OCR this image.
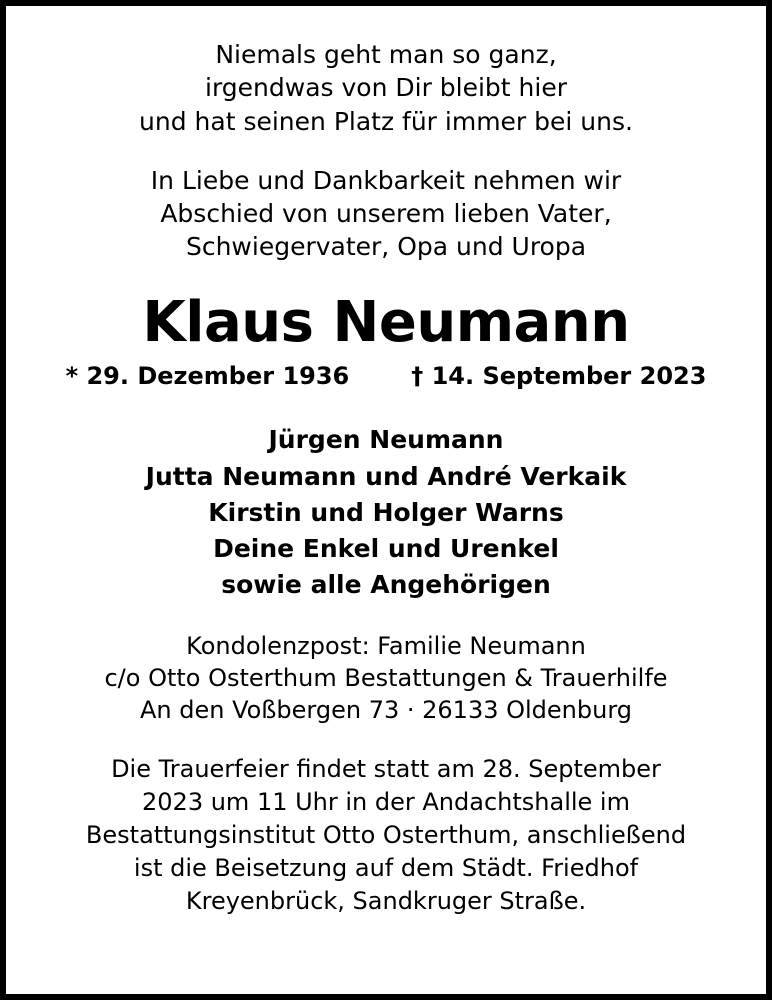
Niemals geht man so ganz,
irgendwas von Dir bleibt hier
und hat seinen Platz für immer bei uns.
In Liebe und Dankbarkeit nehmen wir
Abschied von unserem lieben Vater,
Schwiegervater, Opa und Uropa
Klaus Neumann
* 29. Dezember 1936	† 14. September 2023
Jürgen Neumann
Jutta Neumann und André Verkaik
Kirstin und Holger Warns
Deine Enkel und Urenkel
sowie alle Angehörigen
Kondolenzpost: Familie Neumann
c/o Otto Osterthum Bestattungen & Trauerhilfe
An den Voßbergen 73 · 26133 Oldenburg
Die Trauerfeier findet statt am 28. September
2023 um 11 Uhr in der Andachtshalle im
Bestattungsinstitut Otto Osterthum, anschließend
ist die Beisetzung auf dem Städt. Friedhof
Kreyenbrück, Sandkruger Straße.
